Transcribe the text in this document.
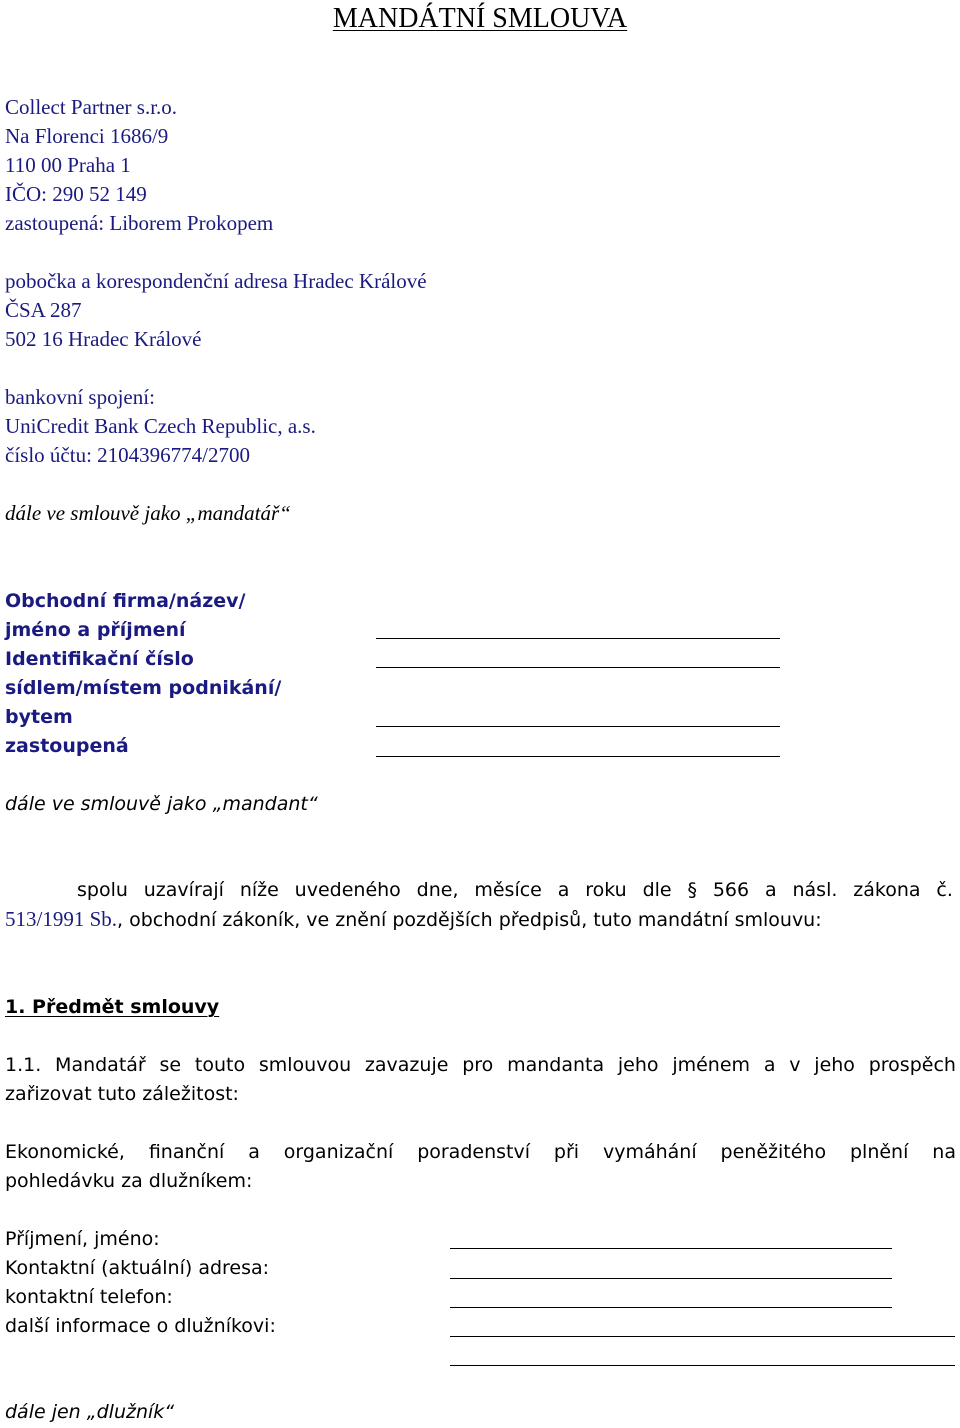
MANDÁTNÍ SMLOUVA
Collect Partner s.r.o.
Na Florenci 1686/9
110 00 Praha 1
IČO: 290 52 149
zastoupená: Liborem Prokopem
pobočka a korespondenční adresa Hradec Králové
ČSA 287
502 16 Hradec Králové
bankovní spojení:
UniCredit Bank Czech Republic, a.s.
číslo účtu: 2104396774/2700
dále ve smlouvě jako „mandatář“
Obchodní firma/název/
jméno a příjmení
Identifikační číslo
sídlem/místem podnikání/
bytem
zastoupená
dále ve smlouvě jako „mandant“
spolu uzavírají níže uvedeného dne, měsíce a roku dle § 566 a násl. zákona č.
513/1991 Sb., obchodní zákoník, ve znění pozdějších předpisů, tuto mandátní smlouvu:
1. Předmět smlouvy
1.1. Mandatář se touto smlouvou zavazuje pro mandanta jeho jménem a v jeho prospěch
zařizovat tuto záležitost:
Ekonomické, finanční a organizační poradenství při vymáhání peněžitého plnění na
pohledávku za dlužníkem:
Příjmení, jméno:
Kontaktní (aktuální) adresa:
kontaktní telefon:
další informace o dlužníkovi:
dále jen „dlužník“
